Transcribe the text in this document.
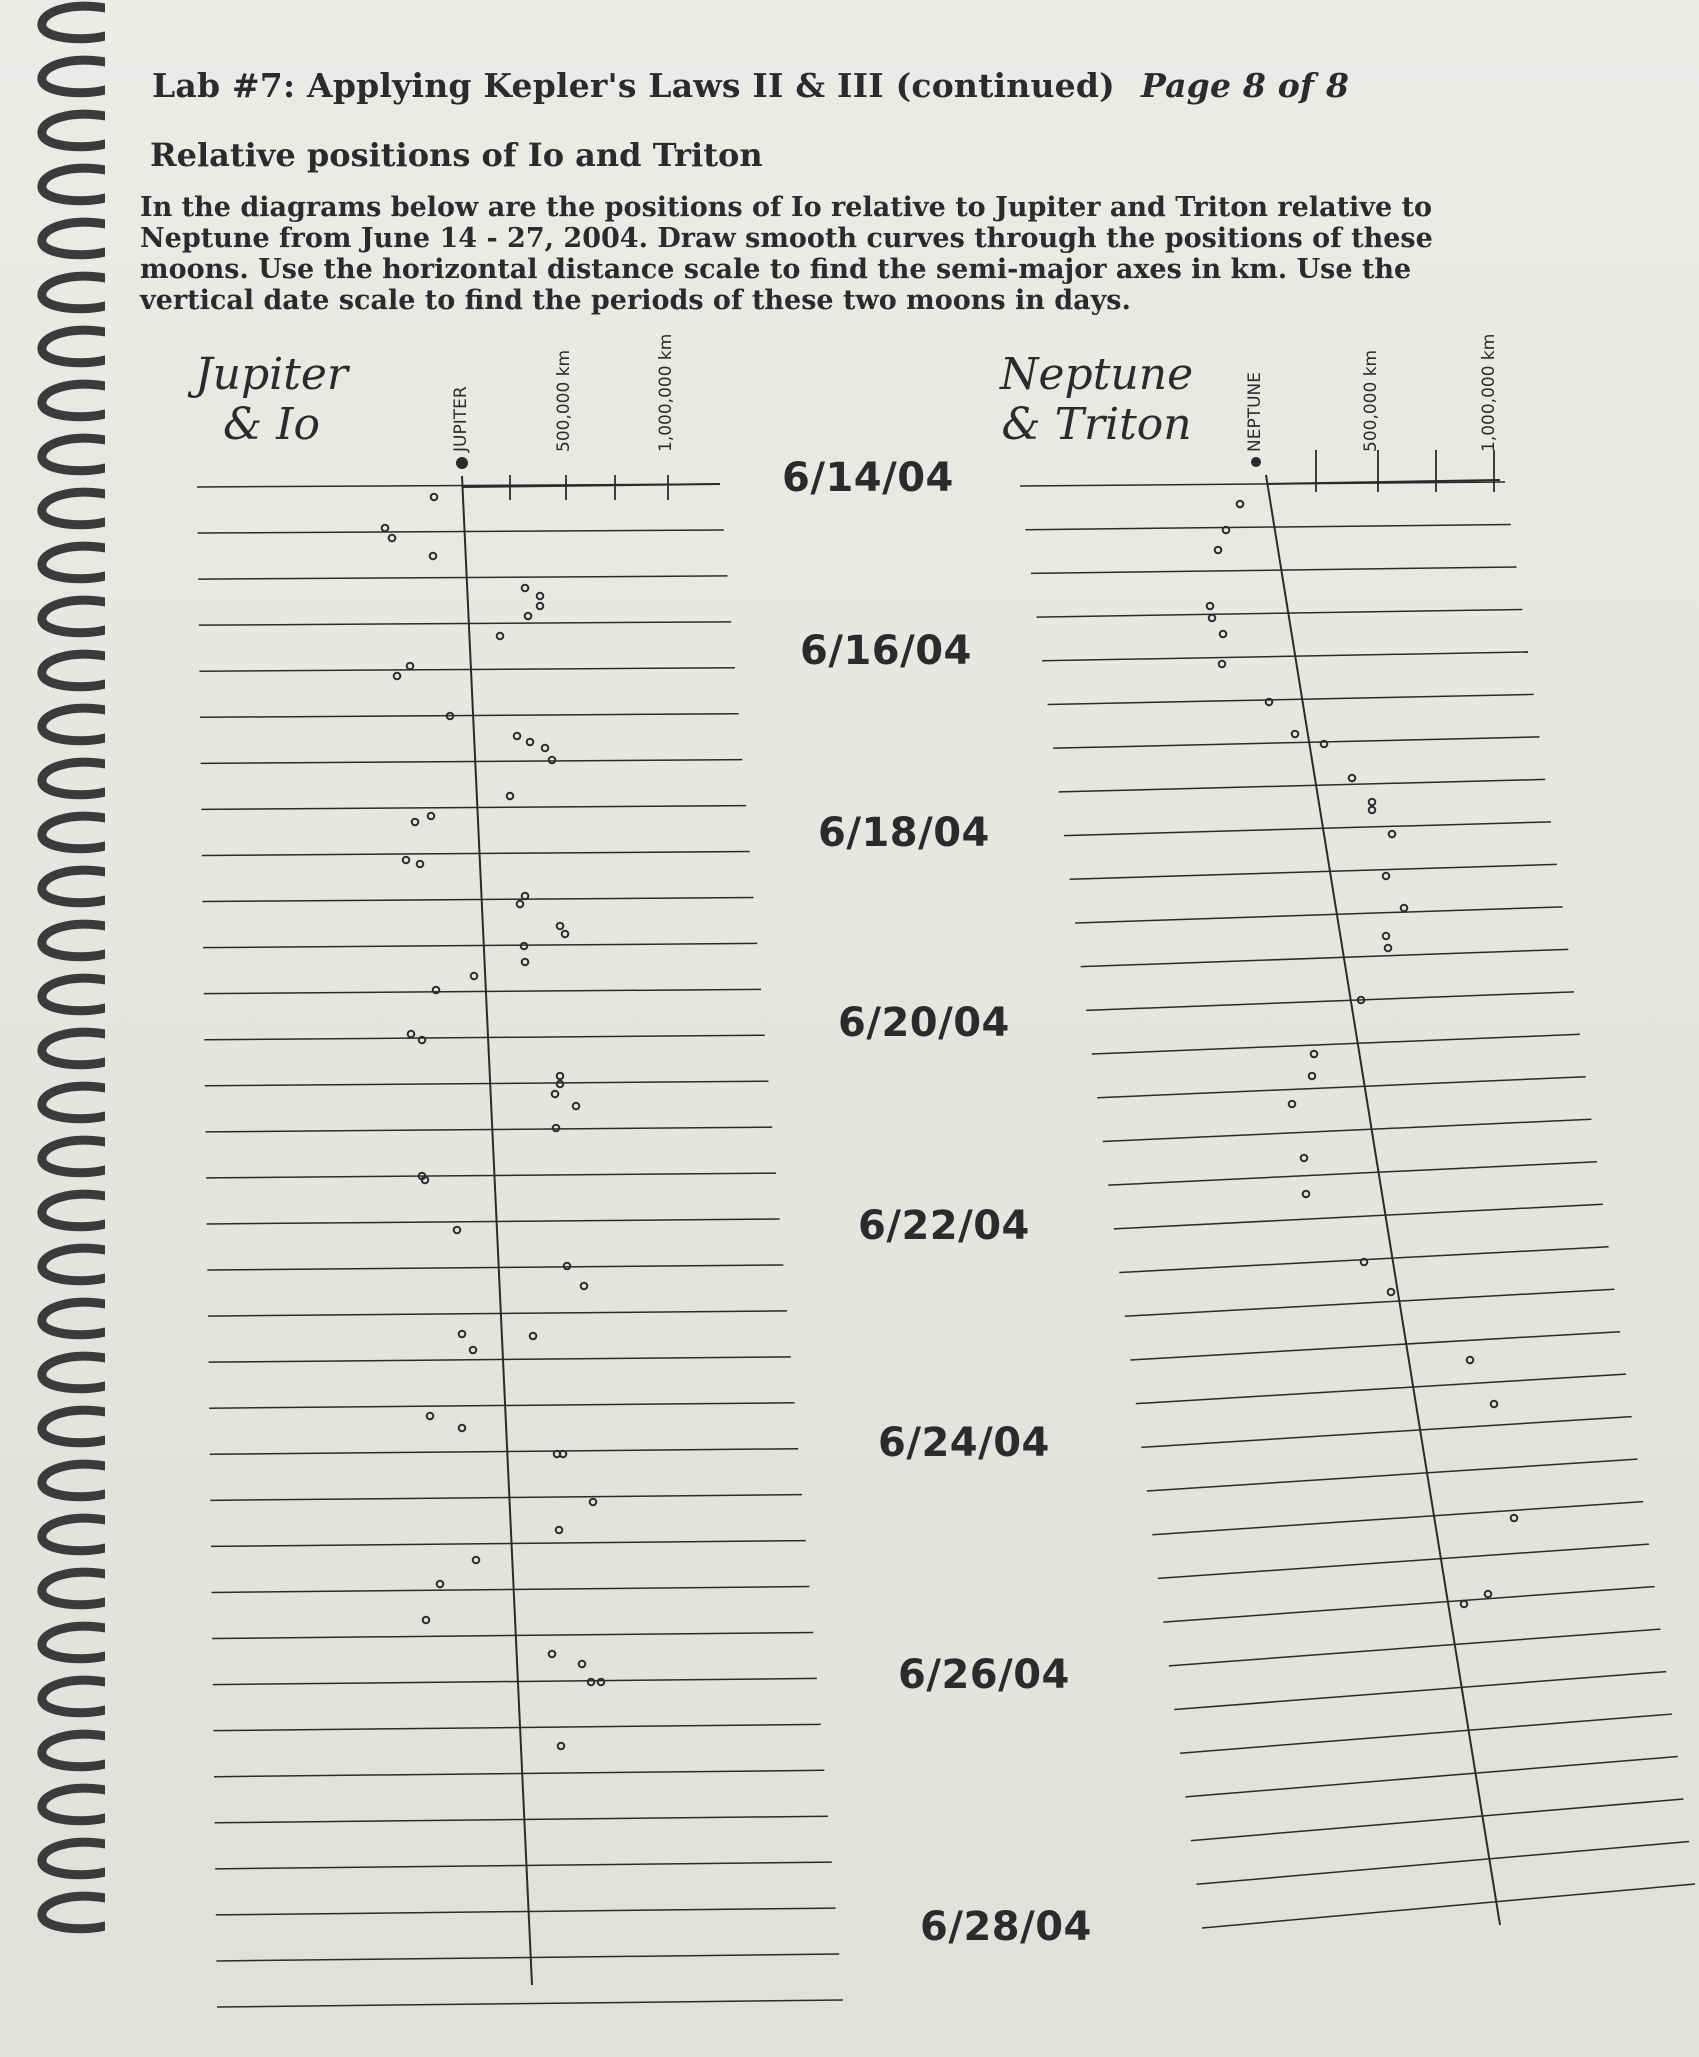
Lab #7: Applying Kepler's Laws II & III (continued) Page 8 of 8
Relative positions of Io and Triton
In the diagrams below are the positions of Io relative to Jupiter and Triton relative to Neptune from June 14 - 27, 2004. Draw smooth curves through the positions of these moons. Use the horizontal distance scale to find the semi-major axes in km. Use the vertical date scale to find the periods of these two moons in days.
Jupiter
& Io
Neptune
& Triton
6/14/04
6/16/04
6/18/04
6/20/04
6/22/04
6/24/04
6/26/04
6/28/04
JUPITER	500,000 km	1,000,000 km	NEPTUNE	500,000 km	1,000,000 km
